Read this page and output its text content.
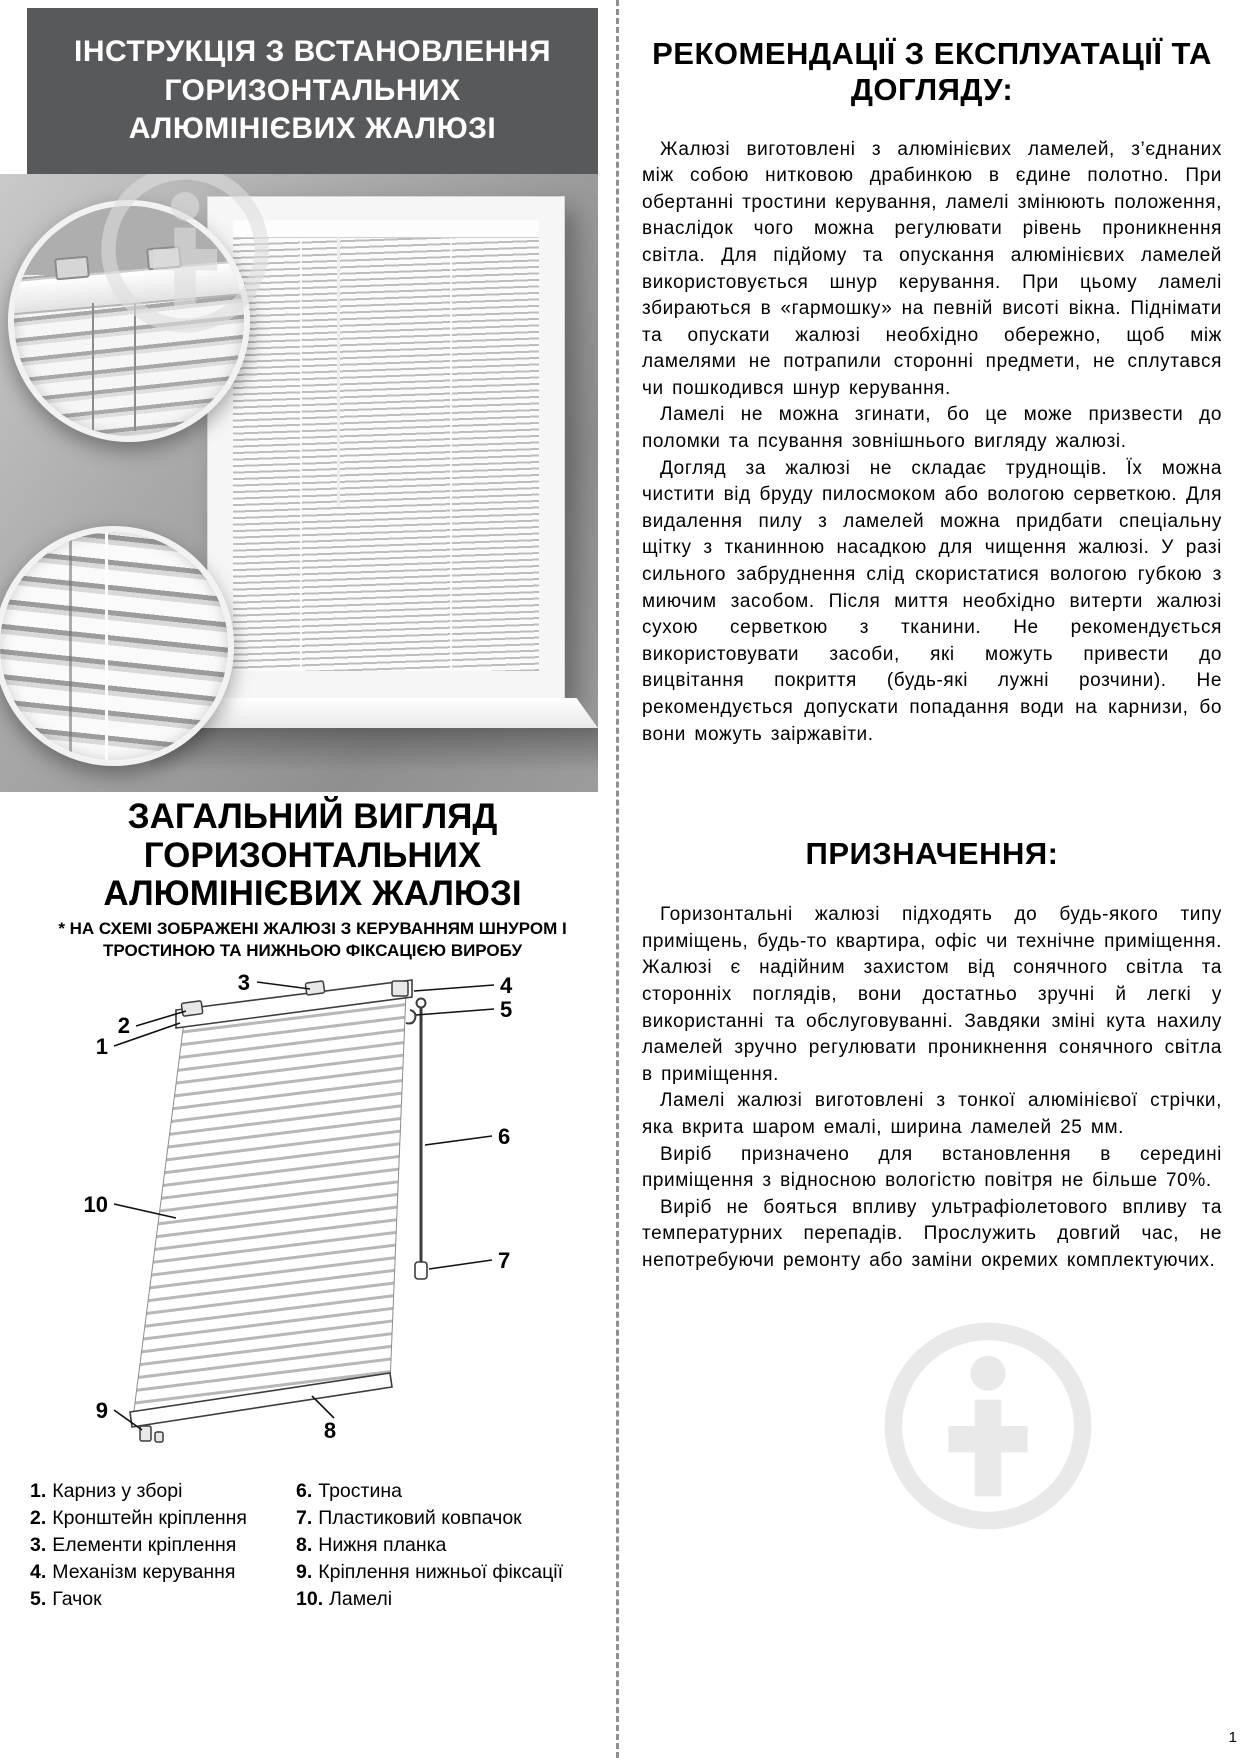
ІНСТРУКЦІЯ З ВСТАНОВЛЕННЯ ГОРИЗОНТАЛЬНИХ АЛЮМІНІЄВИХ ЖАЛЮЗІ
ЗАГАЛЬНИЙ ВИГЛЯД ГОРИЗОНТАЛЬНИХ АЛЮМІНІЄВИХ ЖАЛЮЗІ

* НА СХЕМІ ЗОБРАЖЕНІ ЖАЛЮЗІ З КЕРУВАННЯМ ШНУРОМ І ТРОСТИНОЮ ТА НИЖНЬОЮ ФІКСАЦІЄЮ ВИРОБУ

3	4
5
2
1
6
10
7
9
8
1. Карниз у зборі
2. Кронштейн кріплення
3. Елементи кріплення
4. Механізм керування
5. Гачок
6. Тростина
7. Пластиковий ковпачок
8. Нижня планка
9. Кріплення нижньої фіксації
10. Ламелі
РЕКОМЕНДАЦІЇ З ЕКСПЛУАТАЦІЇ ТА ДОГЛЯДУ:

Жалюзі виготовлені з алюмінієвих ламелей, з’єднаних між собою нитковою драбинкою в єдине полотно. При обертанні тростини керування, ламелі змінюють положення, внаслідок чого можна регулювати рівень проникнення світла. Для підйому та опускання алюмінієвих ламелей використовується шнур керування. При цьому ламелі збираються в «гармошку» на певній висоті вікна. Піднімати та опускати жалюзі необхідно обережно, щоб між ламелями не потрапили сторонні предмети, не сплутався чи пошкодився шнур керування.

Ламелі не можна згинати, бо це може призвести до поломки та псування зовнішнього вигляду жалюзі.

Догляд за жалюзі не складає труднощів. Їх можна чистити від бруду пилосмоком або вологою серветкою. Для видалення пилу з ламелей можна придбати спеціальну щітку з тканинною насадкою для чищення жалюзі. У разі сильного забруднення слід скористатися вологою губкою з миючим засобом. Після миття необхідно витерти жалюзі сухою серветкою з тканини. Не рекомендується використовувати засоби, які можуть привести до вицвітання покриття (будь-які лужні розчини). Не рекомендується допускати попадання води на карнизи, бо вони можуть заіржавіти.

ПРИЗНАЧЕННЯ:

Горизонтальні жалюзі підходять до будь-якого типу приміщень, будь-то квартира, офіс чи технічне приміщення. Жалюзі є надійним захистом від сонячного світла та сторонніх поглядів, вони достатньо зручні й легкі у використанні та обслуговуванні. Завдяки зміні кута нахилу ламелей зручно регулювати проникнення сонячного світла в приміщення.

Ламелі жалюзі виготовлені з тонкої алюмінієвої стрічки, яка вкрита шаром емалі, ширина ламелей 25 мм.

Виріб призначено для встановлення в середині приміщення з відносною вологістю повітря не більше 70%.

Виріб не бояться впливу ультрафіолетового впливу та температурних перепадів. Прослужить довгий час, не непотребуючи ремонту або заміни окремих комплектуючих.

1
